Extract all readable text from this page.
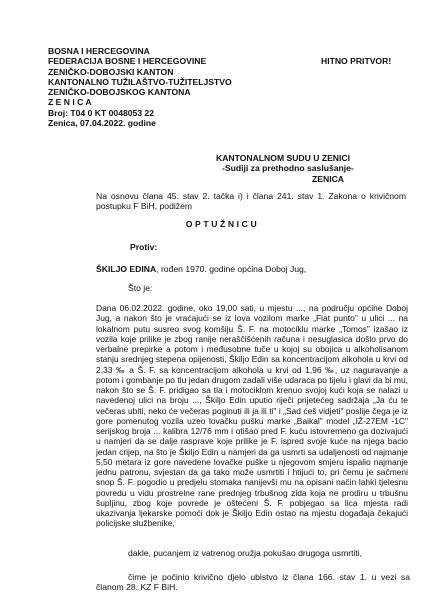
BOSNA I HERCEGOVINA
FEDERACIJA BOSNE I HERCEGOVINE
ZENIČKO-DOBOJSKI KANTON
KANTONALNO TUŽILAŠTVO-TUŽITELJSTVO
ZENIČKO-DOBOJSKOG KANTONA
Z E N I C A
Broj: T04 0 KT 0048053 22
Zenica, 07.04.2022. godine
HITNO PRITVOR!
KANTONALNOM SUDU U ZENICI
-Sudiji za prethodno saslušanje-
ZENICA
Na osnovu člana 45. stav 2. tačka i) i člana 241. stav 1. Zakona o krivičnom postupku F BiH, podižem
OPTUŽNICU
Protiv:
ŠKILJO EDINA, rođen 1970. godine općina Doboj Jug,
Što je:
Dana 06.02.2022. godine, oko 19,00 sati, u mjestu ..., na području općine Doboj Jug, a nakon što je vraćajući se iz lova vozilom marke „Fiat punto" u ulici ... na lokalnom putu susreo svog komšiju Š. F. na motociklu marke „Tomos" izašao iz vozila koje prilike je zbog ranije neraščišćenih računa i nesuglasica došlo prvo do verbalne prepirke a potom i međusobne tuče u kojoj su obojica u alkoholisanom stanju srednjeg stepena opijenosti, Škiljo Edin sa koncentracijom alkohola u krvi od 2,33 ‰ a Š. F. sa koncentracijom alkohola u krvi od 1,96 ‰, uz naguravanje a potom i gombanje po tlu jedan drugom zadali više udaraca po tijelu i glavi da bi mu, nakon što se Š. F. pridigao sa tla i motociklom krenuo svojoj kući koja se nalazi u navedenoj ulici na broju ..., Škiljo Edin uputio riječi prijetećeg sadržaja „Ja ću te večeras ubiti, neko će večeras poginuti ili ja ili ti" i „Sad ćeš vidjeti" poslije čega je iz gore pomenutog vozila uzeo lovačku pušku marke „Baikal" model „IŽ-27EM -1C" serijskog broja ... kalibra 12/76 mm i otišao pred F. kuću istovremeno ga dozivajući u namjeri da se dalje rasprave koje prilike je F. ispred svoje kuće na njega bacio jedan crijep, na što je Škiljo Edin u namjeri da ga usmrti sa udaljenosti od najmanje 5,50 metara iz gore navedene lovačke puške u njegovom smjeru ispalio najmanje jednu patronu, svjestan da ga tako može usmrtiti i htijući to, pri čemu je sačmeni snop Š. F. pogodio u predjelu stomaka nanijevši mu na opisani način lahki tjelesnu povredu u vidu prostrelne rane prednjeg trbušnog zida koja ne prodiru u trbušnu šupljinu, zbog koje povrede je oštećeni Š. F. pobjegao sa lica mjesta radi ukazivanja ljekarske pomoći dok je Škiljo Edin ostao na mjestu događaja čekajući policijske službenike,
dakle, pucanjem iz vatrenog oružja pokušao drugoga usmrtiti,
čime je počinio krivično djelo ubistvo iz člana 166. stav 1. u vezi sa članom 28. KZ F BiH.
